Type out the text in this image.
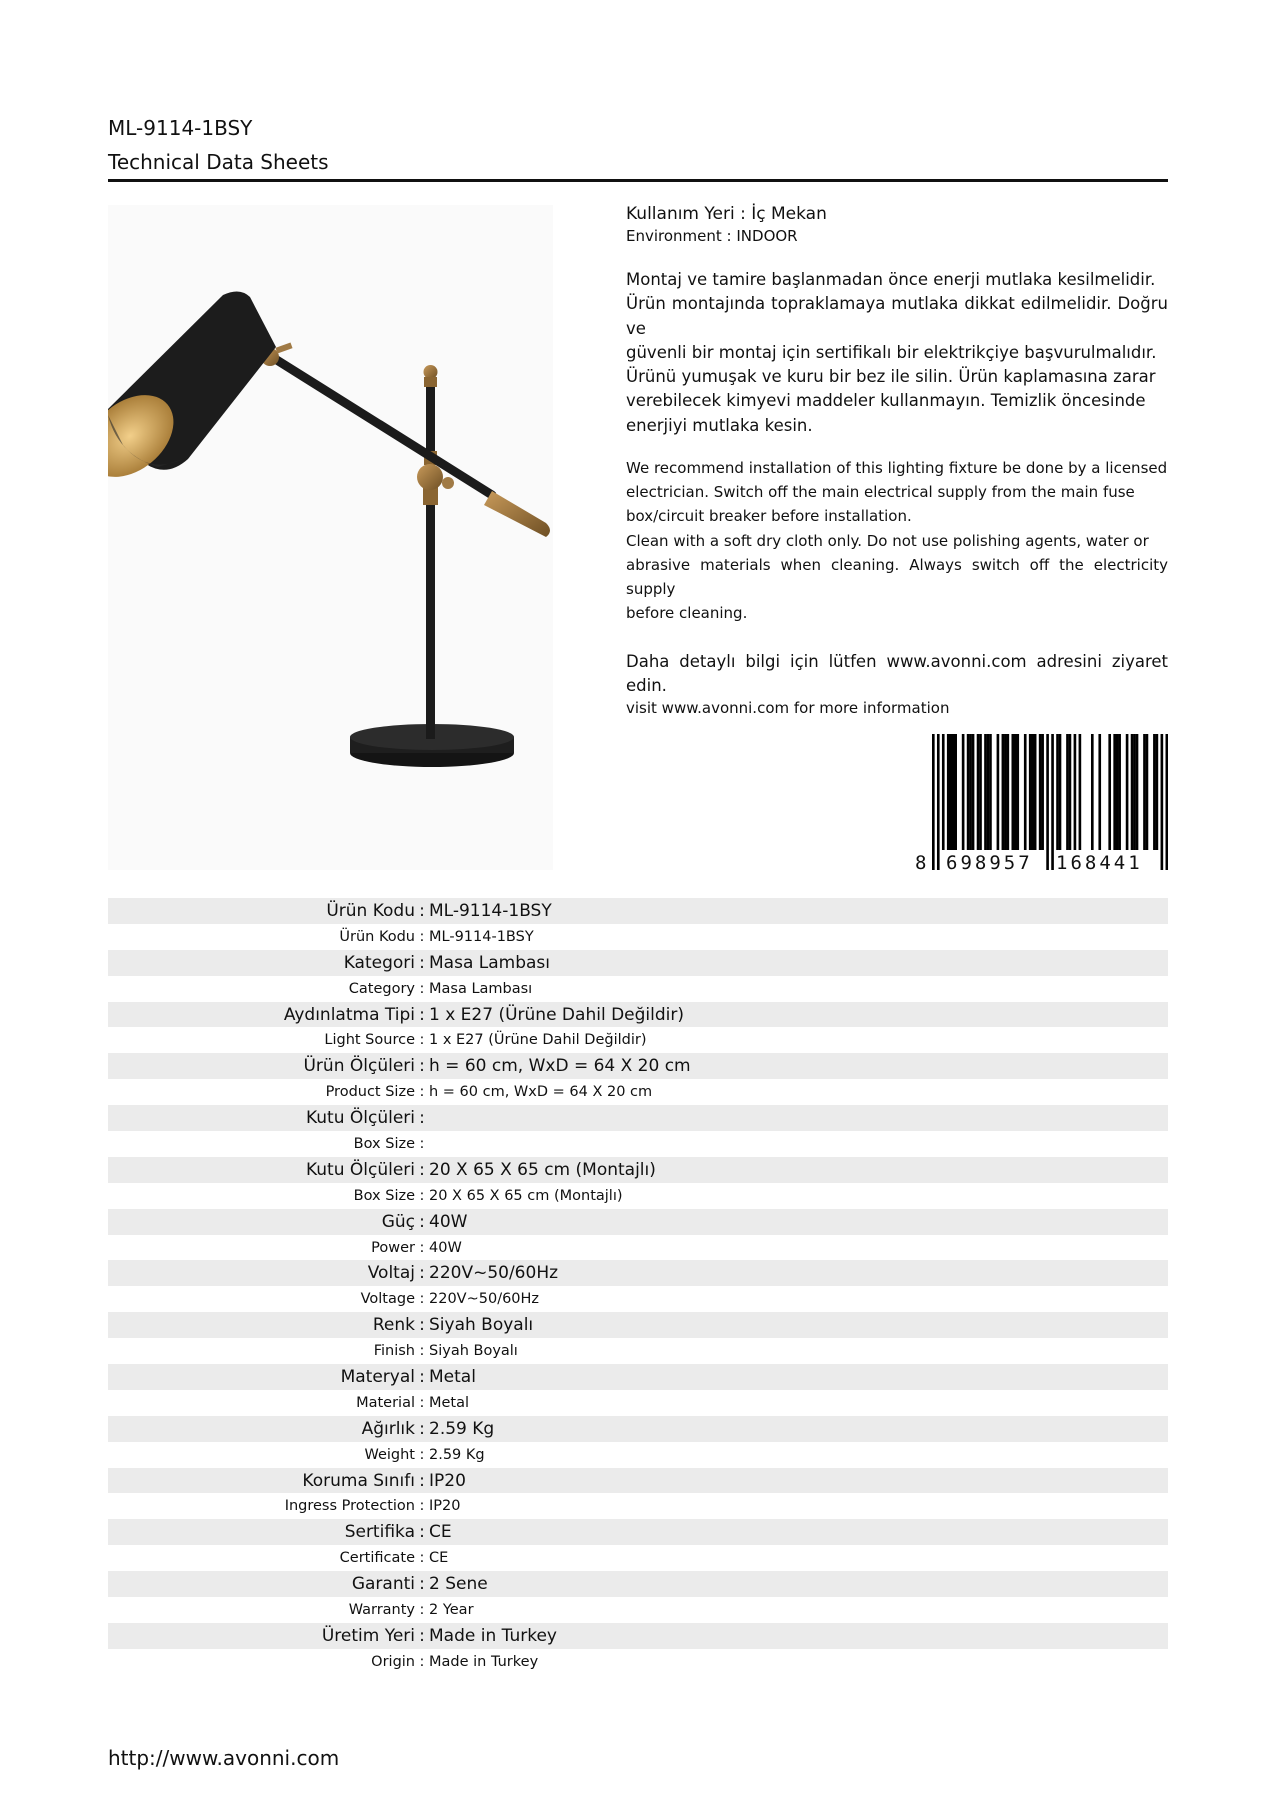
ML-9114-1BSY
Technical Data Sheets
Kullanım Yeri : İç Mekan
Environment : INDOOR
Montaj ve tamire başlanmadan önce enerji mutlaka kesilmelidir.
Ürün montajında topraklamaya mutlaka dikkat edilmelidir. Doğru ve
güvenli bir montaj için sertifikalı bir elektrikçiye başvurulmalıdır.
Ürünü yumuşak ve kuru bir bez ile silin. Ürün kaplamasına zarar
verebilecek kimyevi maddeler kullanmayın. Temizlik öncesinde
enerjiyi mutlaka kesin.
We recommend installation of this lighting fixture be done by a licensed
electrician. Switch off the main electrical supply from the main fuse
box/circuit breaker before installation.
Clean with a soft dry cloth only. Do not use polishing agents, water or
abrasive materials when cleaning. Always switch off the electricity supply
before cleaning.
Daha detaylı bilgi için lütfen www.avonni.com adresini ziyaret edin.
visit www.avonni.com for more information
8 698957 168441
Ürün Kodu : ML-9114-1BSY
Ürün Kodu : ML-9114-1BSY
Kategori : Masa Lambası
Category : Masa Lambası
Aydınlatma Tipi : 1 x E27 (Ürüne Dahil Değildir)
Light Source : 1 x E27 (Ürüne Dahil Değildir)
Ürün Ölçüleri : h = 60 cm, WxD = 64 X 20 cm
Product Size : h = 60 cm, WxD = 64 X 20 cm
Kutu Ölçüleri :
Box Size :
Kutu Ölçüleri : 20 X 65 X 65 cm (Montajlı)
Box Size : 20 X 65 X 65 cm (Montajlı)
Güç : 40W
Power : 40W
Voltaj : 220V~50/60Hz
Voltage : 220V~50/60Hz
Renk : Siyah Boyalı
Finish : Siyah Boyalı
Materyal : Metal
Material : Metal
Ağırlık : 2.59 Kg
Weight : 2.59 Kg
Koruma Sınıfı : IP20
Ingress Protection : IP20
Sertifika : CE
Certificate : CE
Garanti : 2 Sene
Warranty : 2 Year
Üretim Yeri : Made in Turkey
Origin : Made in Turkey
http://www.avonni.com
